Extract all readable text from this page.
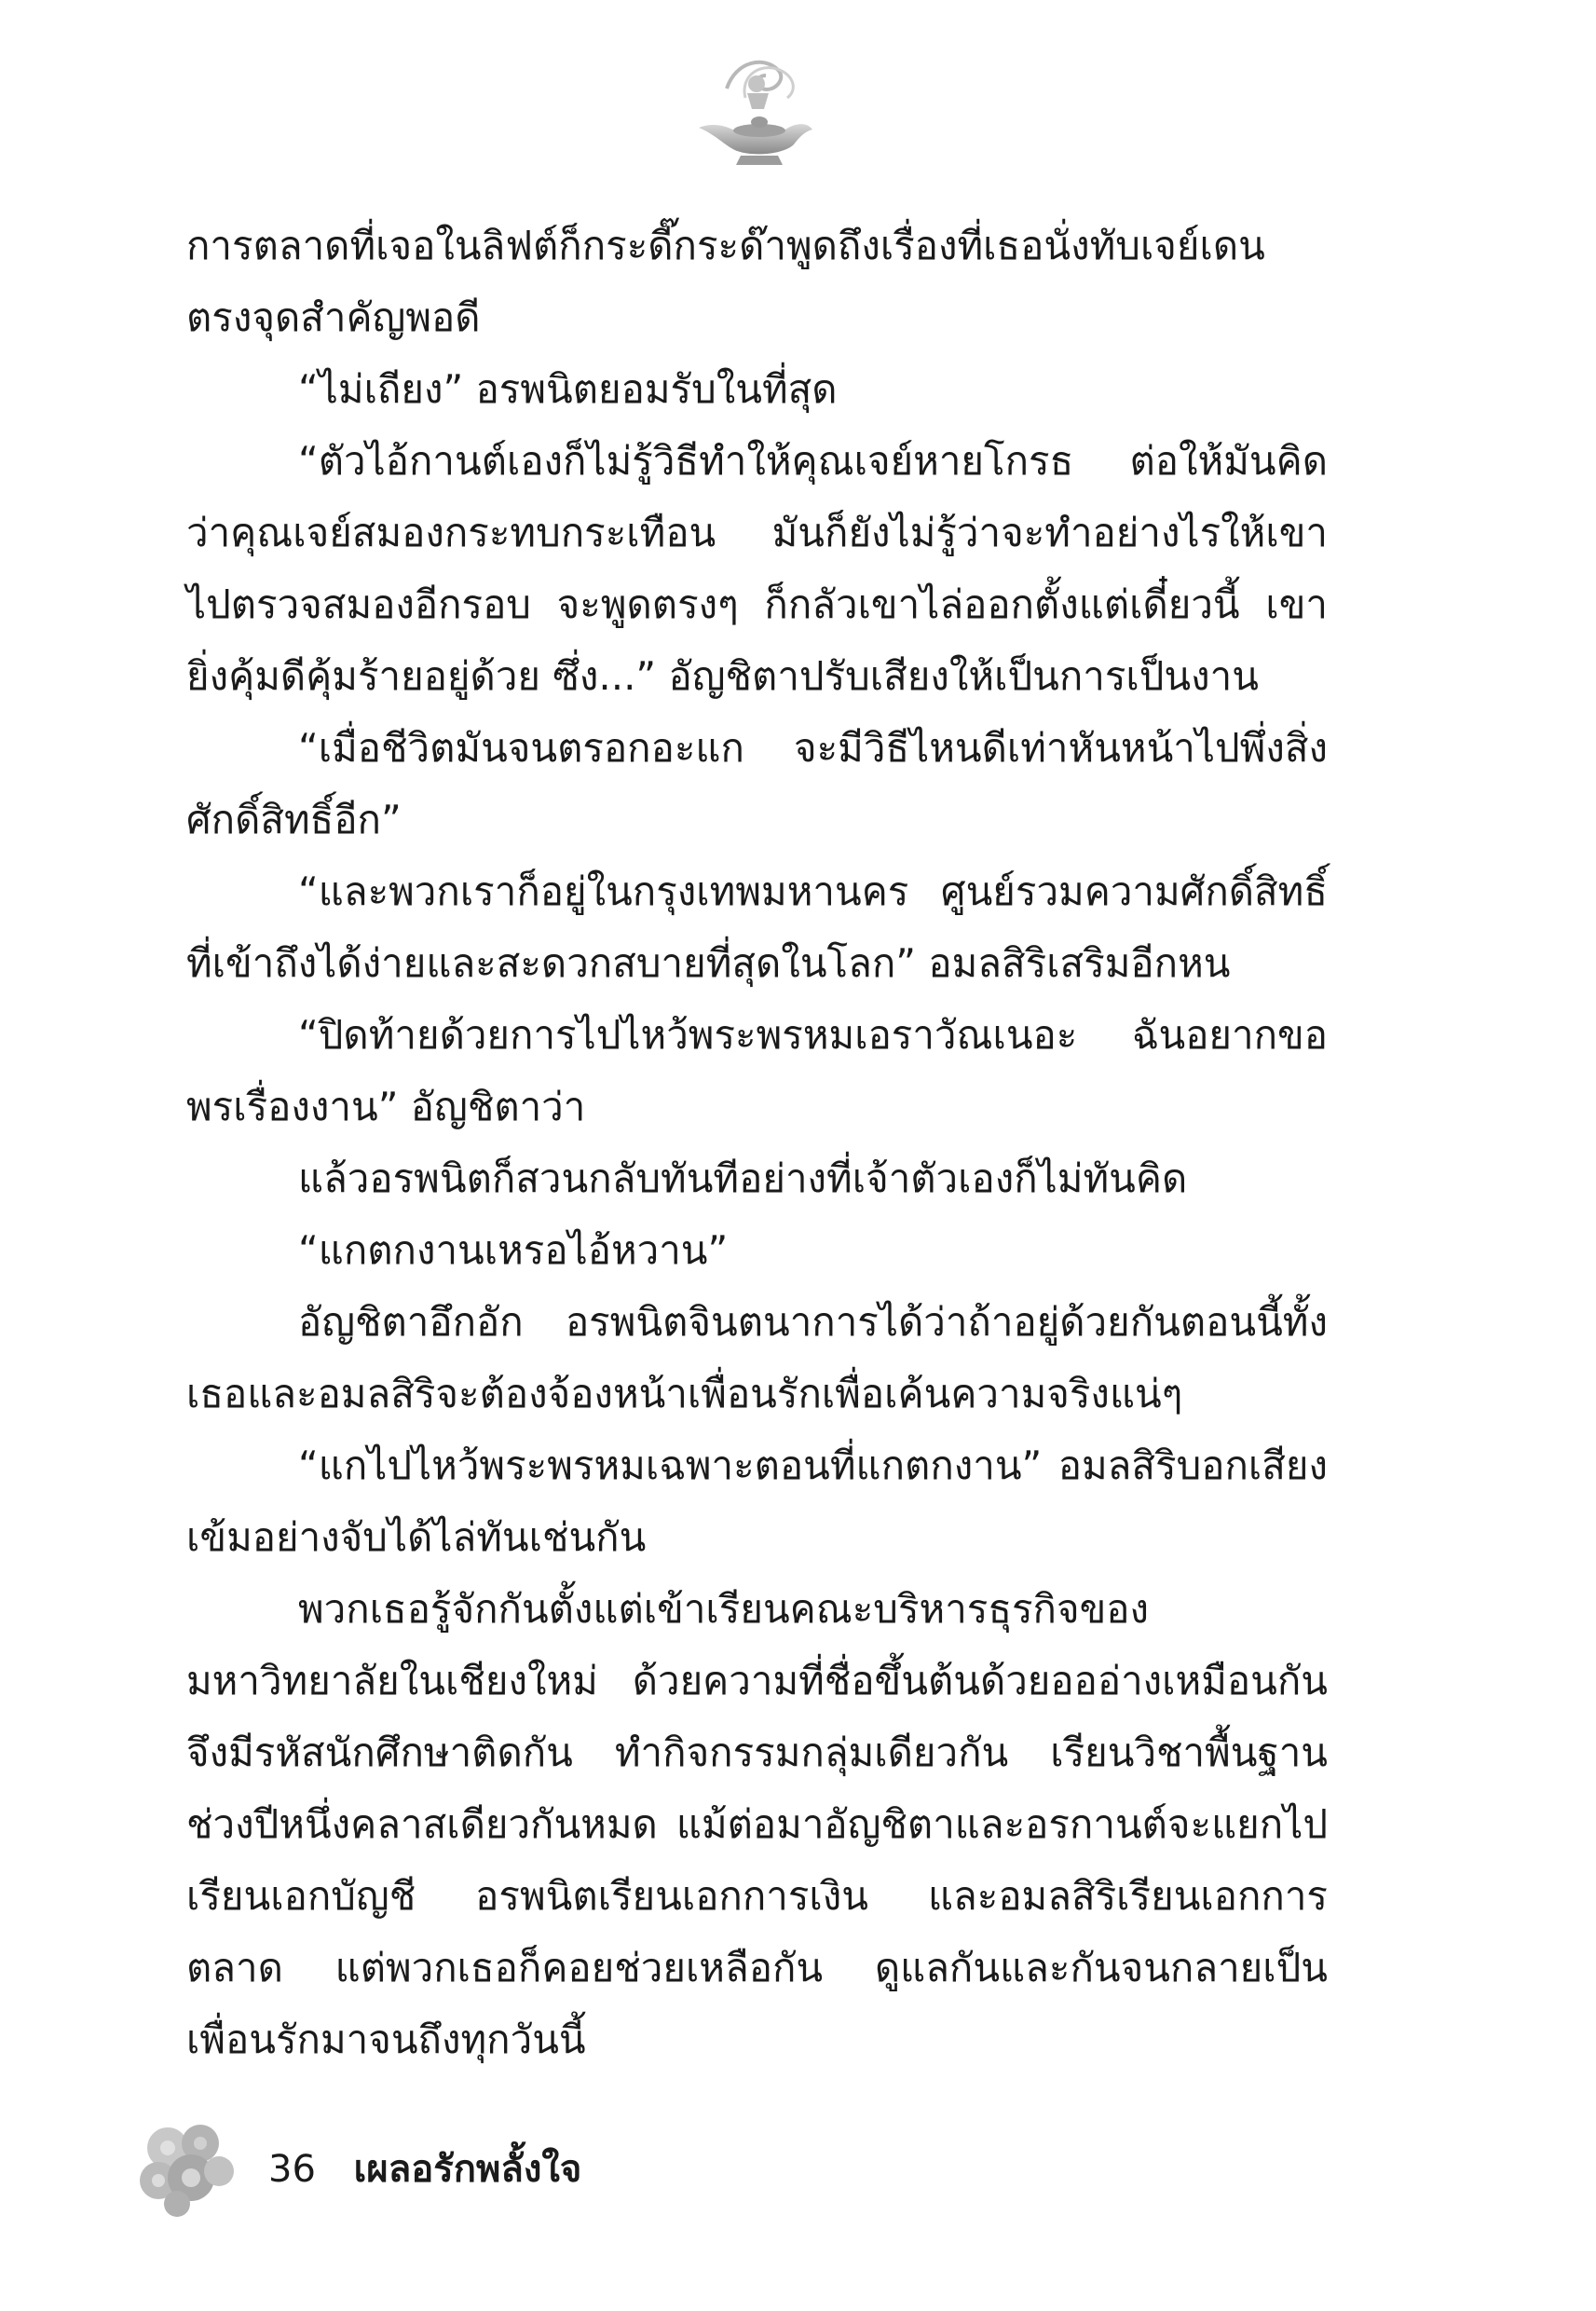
การตลาดที่เจอในลิฟต์ก็กระดี๊กระด๊าพูดถึงเรื่องที่เธอนั่งทับเจย์เดนตรงจุดสำคัญพอดี

“ไม่เถียง” อรพนิตยอมรับในที่สุด

“ตัวไอ้กานต์เองก็ไม่รู้วิธีทำให้คุณเจย์หายโกรธ ต่อให้มันคิดว่าคุณเจย์สมองกระทบกระเทือน มันก็ยังไม่รู้ว่าจะทำอย่างไรให้เขาไปตรวจสมองอีกรอบ จะพูดตรงๆ ก็กลัวเขาไล่ออกตั้งแต่เดี๋ยวนี้ เขายิ่งคุ้มดีคุ้มร้ายอยู่ด้วย ซึ่ง...” อัญชิตาปรับเสียงให้เป็นการเป็นงาน

“เมื่อชีวิตมันจนตรอกอะแก จะมีวิธีไหนดีเท่าหันหน้าไปพึ่งสิ่งศักดิ์สิทธิ์อีก”

“และพวกเราก็อยู่ในกรุงเทพมหานคร ศูนย์รวมความศักดิ์สิทธิ์ที่เข้าถึงได้ง่ายและสะดวกสบายที่สุดในโลก” อมลสิริเสริมอีกหน

“ปิดท้ายด้วยการไปไหว้พระพรหมเอราวัณเนอะ ฉันอยากขอพรเรื่องงาน” อัญชิตาว่า

แล้วอรพนิตก็สวนกลับทันทีอย่างที่เจ้าตัวเองก็ไม่ทันคิด

“แกตกงานเหรอไอ้หวาน”

อัญชิตาอึกอัก อรพนิตจินตนาการได้ว่าถ้าอยู่ด้วยกันตอนนี้ทั้งเธอและอมลสิริจะต้องจ้องหน้าเพื่อนรักเพื่อเค้นความจริงแน่ๆ

“แกไปไหว้พระพรหมเฉพาะตอนที่แกตกงาน” อมลสิริบอกเสียงเข้มอย่างจับได้ไล่ทันเช่นกัน

พวกเธอรู้จักกันตั้งแต่เข้าเรียนคณะบริหารธุรกิจของมหาวิทยาลัยในเชียงใหม่ ด้วยความที่ชื่อขึ้นต้นด้วยอออ่างเหมือนกันจึงมีรหัสนักศึกษาติดกัน ทำกิจกรรมกลุ่มเดียวกัน เรียนวิชาพื้นฐานช่วงปีหนึ่งคลาสเดียวกันหมด แม้ต่อมาอัญชิตาและอรกานต์จะแยกไปเรียนเอกบัญชี อรพนิตเรียนเอกการเงิน และอมลสิริเรียนเอกการตลาด แต่พวกเธอก็คอยช่วยเหลือกัน ดูแลกันและกันจนกลายเป็นเพื่อนรักมาจนถึงทุกวันนี้

36 เผลอรักพลั้งใจ
